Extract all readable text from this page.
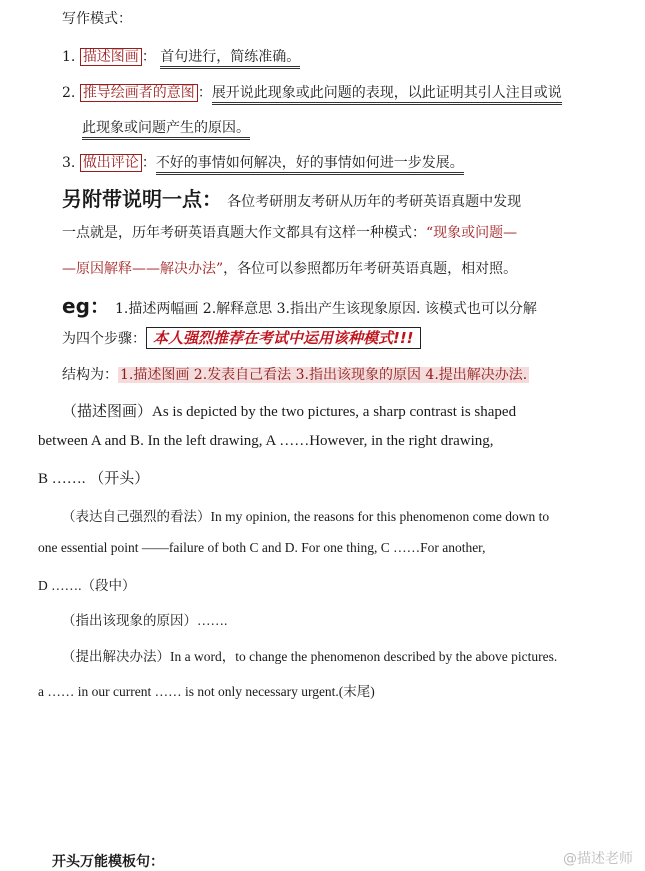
写作模式：
1. 描述图画 ： 首句进行，简练准确。
2. 推导绘画者的意图 ：展开说此现象或此问题的表现，以此证明其引人注目或说
此现象或问题产生的原因。
3. 做出评论 ：不好的事情如何解决，好的事情如何进一步发展。
另附带说明一点： 各位考研朋友考研从历年的考研英语真题中发现
一点就是，历年考研英语真题大作文都具有这样一种模式：“现象或问题—
—原因解释——解决办法”，各位可以参照都历年考研英语真题，相对照。
eg： 1.描述两幅画 2.解释意思 3.指出产生该现象原因. 该模式也可以分解
为四个步骤： 本人强烈推荐在考试中运用该种模式!!!
结构为： 1.描述图画 2.发表自己看法 3.指出该现象的原因 4.提出解决办法.
（描述图画）As is depicted by the two pictures, a sharp contrast is shaped
between A and B. In the left drawing, A ……However, in the right drawing,
B ……. （开头）
（表达自己强烈的看法）In my opinion, the reasons for this phenomenon come down to
one essential point ——failure of both C and D. For one thing, C ……For another,
D …….（段中）
（指出该现象的原因）…….
（提出解决办法）In a word，to change the phenomenon described by the above pictures.
a …… in our current …… is not only necessary urgent.(末尾)
开头万能模板句：	@描述老师
